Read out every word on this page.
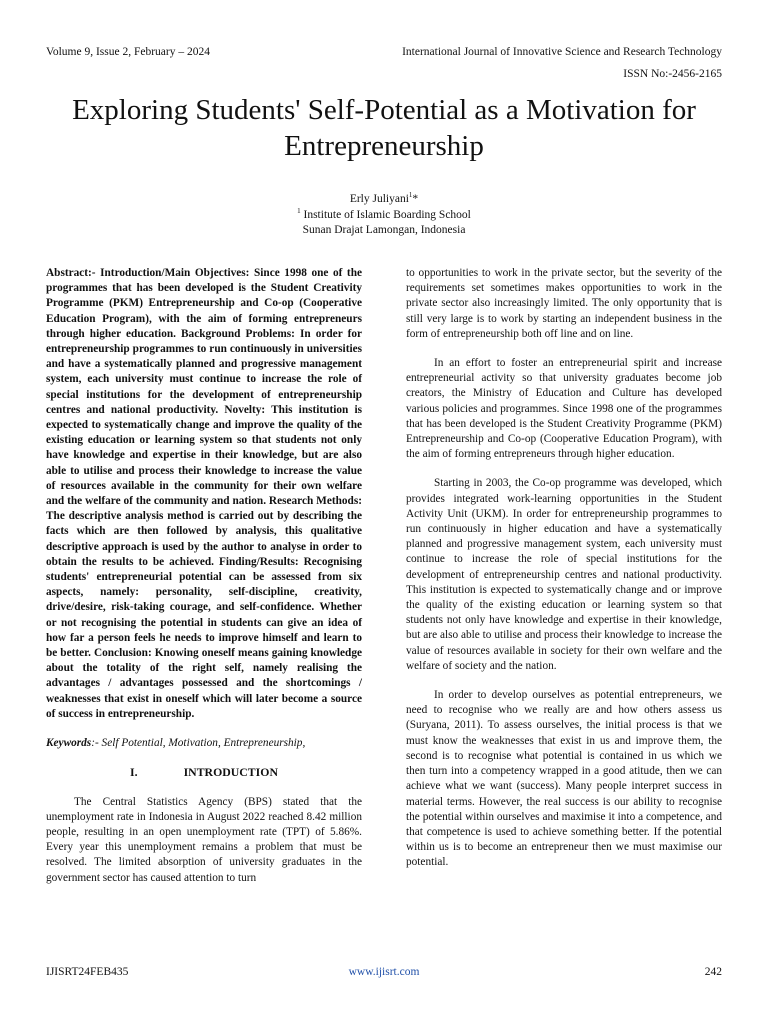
Volume 9, Issue 2, February – 2024	International Journal of Innovative Science and Research Technology
ISSN No:-2456-2165
Exploring Students' Self-Potential as a Motivation for Entrepreneurship
Erly Juliyani$^1$*
$^1$ Institute of Islamic Boarding School
Sunan Drajat Lamongan, Indonesia

Abstract:- Introduction/Main Objectives: Since 1998 one of the programmes that has been developed is the Student Creativity Programme (PKM) Entrepreneurship and Co-op (Cooperative Education Program), with the aim of forming entrepreneurs through higher education. Background Problems: In order for entrepreneurship programmes to run continuously in universities and have a systematically planned and progressive management system, each university must continue to increase the role of special institutions for the development of entrepreneurship centres and national productivity. Novelty: This institution is expected to systematically change and improve the quality of the existing education or learning system so that students not only have knowledge and expertise in their knowledge, but are also able to utilise and process their knowledge to increase the value of resources available in the community for their own welfare and the welfare of the community and nation. Research Methods: The descriptive analysis method is carried out by describing the facts which are then followed by analysis, this qualitative descriptive approach is used by the author to analyse in order to obtain the results to be achieved. Finding/Results: Recognising students' entrepreneurial potential can be assessed from six aspects, namely: personality, self-discipline, creativity, drive/desire, risk-taking courage, and self-confidence. Whether or not recognising the potential in students can give an idea of how far a person feels he needs to improve himself and learn to be better. Conclusion: Knowing oneself means gaining knowledge about the totality of the right self, namely realising the advantages / advantages possessed and the shortcomings / weaknesses that exist in oneself which will later become a source of success in entrepreneurship.

Keywords:- Self Potential, Motivation, Entrepreneurship,

I.	INTRODUCTION

The Central Statistics Agency (BPS) stated that the unemployment rate in Indonesia in August 2022 reached 8.42 million people, resulting in an open unemployment rate (TPT) of 5.86%. Every year this unemployment remains a problem that must be resolved. The limited absorption of university graduates in the government sector has caused attention to turn

to opportunities to work in the private sector, but the severity of the requirements set sometimes makes opportunities to work in the private sector also increasingly limited. The only opportunity that is still very large is to work by starting an independent business in the form of entrepreneurship both off line and on line.

In an effort to foster an entrepreneurial spirit and increase entrepreneurial activity so that university graduates become job creators, the Ministry of Education and Culture has developed various policies and programmes. Since 1998 one of the programmes that has been developed is the Student Creativity Programme (PKM) Entrepreneurship and Co-op (Cooperative Education Program), with the aim of forming entrepreneurs through higher education.

Starting in 2003, the Co-op programme was developed, which provides integrated work-learning opportunities in the Student Activity Unit (UKM). In order for entrepreneurship programmes to run continuously in higher education and have a systematically planned and progressive management system, each university must continue to increase the role of special institutions for the development of entrepreneurship centres and national productivity. This institution is expected to systematically change and or improve the quality of the existing education or learning system so that students not only have knowledge and expertise in their knowledge, but are also able to utilise and process their knowledge to increase the value of resources available in society for their own welfare and the welfare of society and the nation.

In order to develop ourselves as potential entrepreneurs, we need to recognise who we really are and how others assess us (Suryana, 2011). To assess ourselves, the initial process is that we must know the weaknesses that exist in us and improve them, the second is to recognise what potential is contained in us which we then turn into a competency wrapped in a good atitude, then we can achieve what we want (success). Many people interpret success in material terms. However, the real success is our ability to recognise the potential within ourselves and maximise it into a competence, and that competence is used to achieve something better. If the potential within us is to become an entrepreneur then we must maximise our potential.

IJISRT24FEB435	www.ijisrt.com	242
